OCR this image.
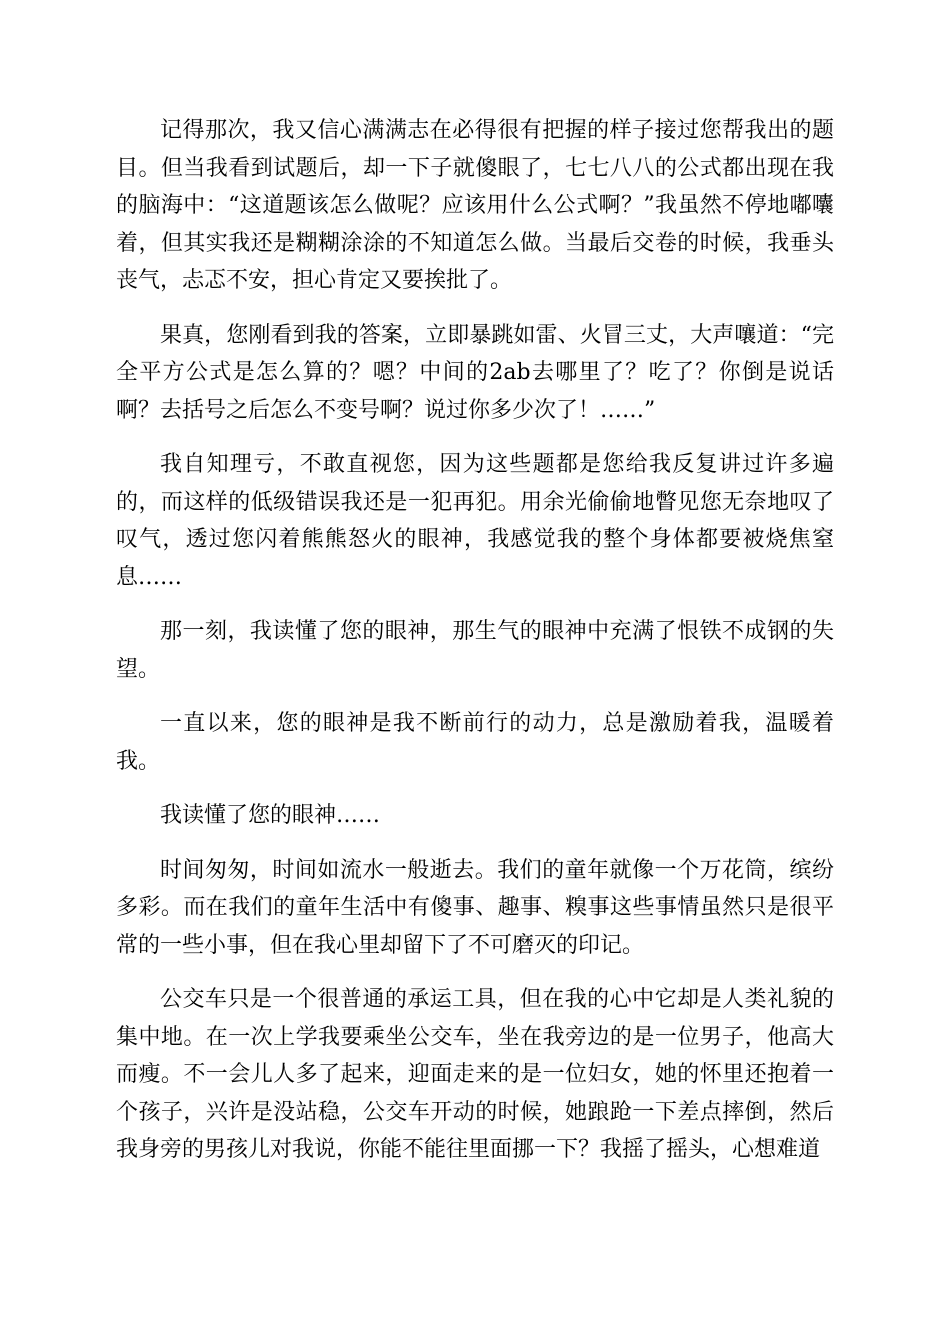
记得那次，我又信心满满志在必得很有把握的样子接过您帮我出的题目。但当我看到试题后，却一下子就傻眼了，七七八八的公式都出现在我的脑海中：“这道题该怎么做呢？应该用什么公式啊？”我虽然不停地嘟囔着，但其实我还是糊糊涂涂的不知道怎么做。当最后交卷的时候，我垂头丧气，忐忑不安，担心肯定又要挨批了。

果真，您刚看到我的答案，立即暴跳如雷、火冒三丈，大声嚷道：“完全平方公式是怎么算的？嗯？中间的2ab去哪里了？吃了？你倒是说话啊？去括号之后怎么不变号啊？说过你多少次了！……”

我自知理亏，不敢直视您，因为这些题都是您给我反复讲过许多遍的，而这样的低级错误我还是一犯再犯。用余光偷偷地瞥见您无奈地叹了叹气，透过您闪着熊熊怒火的眼神，我感觉我的整个身体都要被烧焦窒息……

那一刻，我读懂了您的眼神，那生气的眼神中充满了恨铁不成钢的失望。

一直以来，您的眼神是我不断前行的动力，总是激励着我，温暖着我。

我读懂了您的眼神……

时间匆匆，时间如流水一般逝去。我们的童年就像一个万花筒，缤纷多彩。而在我们的童年生活中有傻事、趣事、糗事这些事情虽然只是很平常的一些小事，但在我心里却留下了不可磨灭的印记。

公交车只是一个很普通的承运工具，但在我的心中它却是人类礼貌的集中地。在一次上学我要乘坐公交车，坐在我旁边的是一位男子，他高大而瘦。不一会儿人多了起来，迎面走来的是一位妇女，她的怀里还抱着一个孩子，兴许是没站稳，公交车开动的时候，她踉跄一下差点摔倒，然后我身旁的男孩儿对我说，你能不能往里面挪一下？我摇了摇头，心想难道
